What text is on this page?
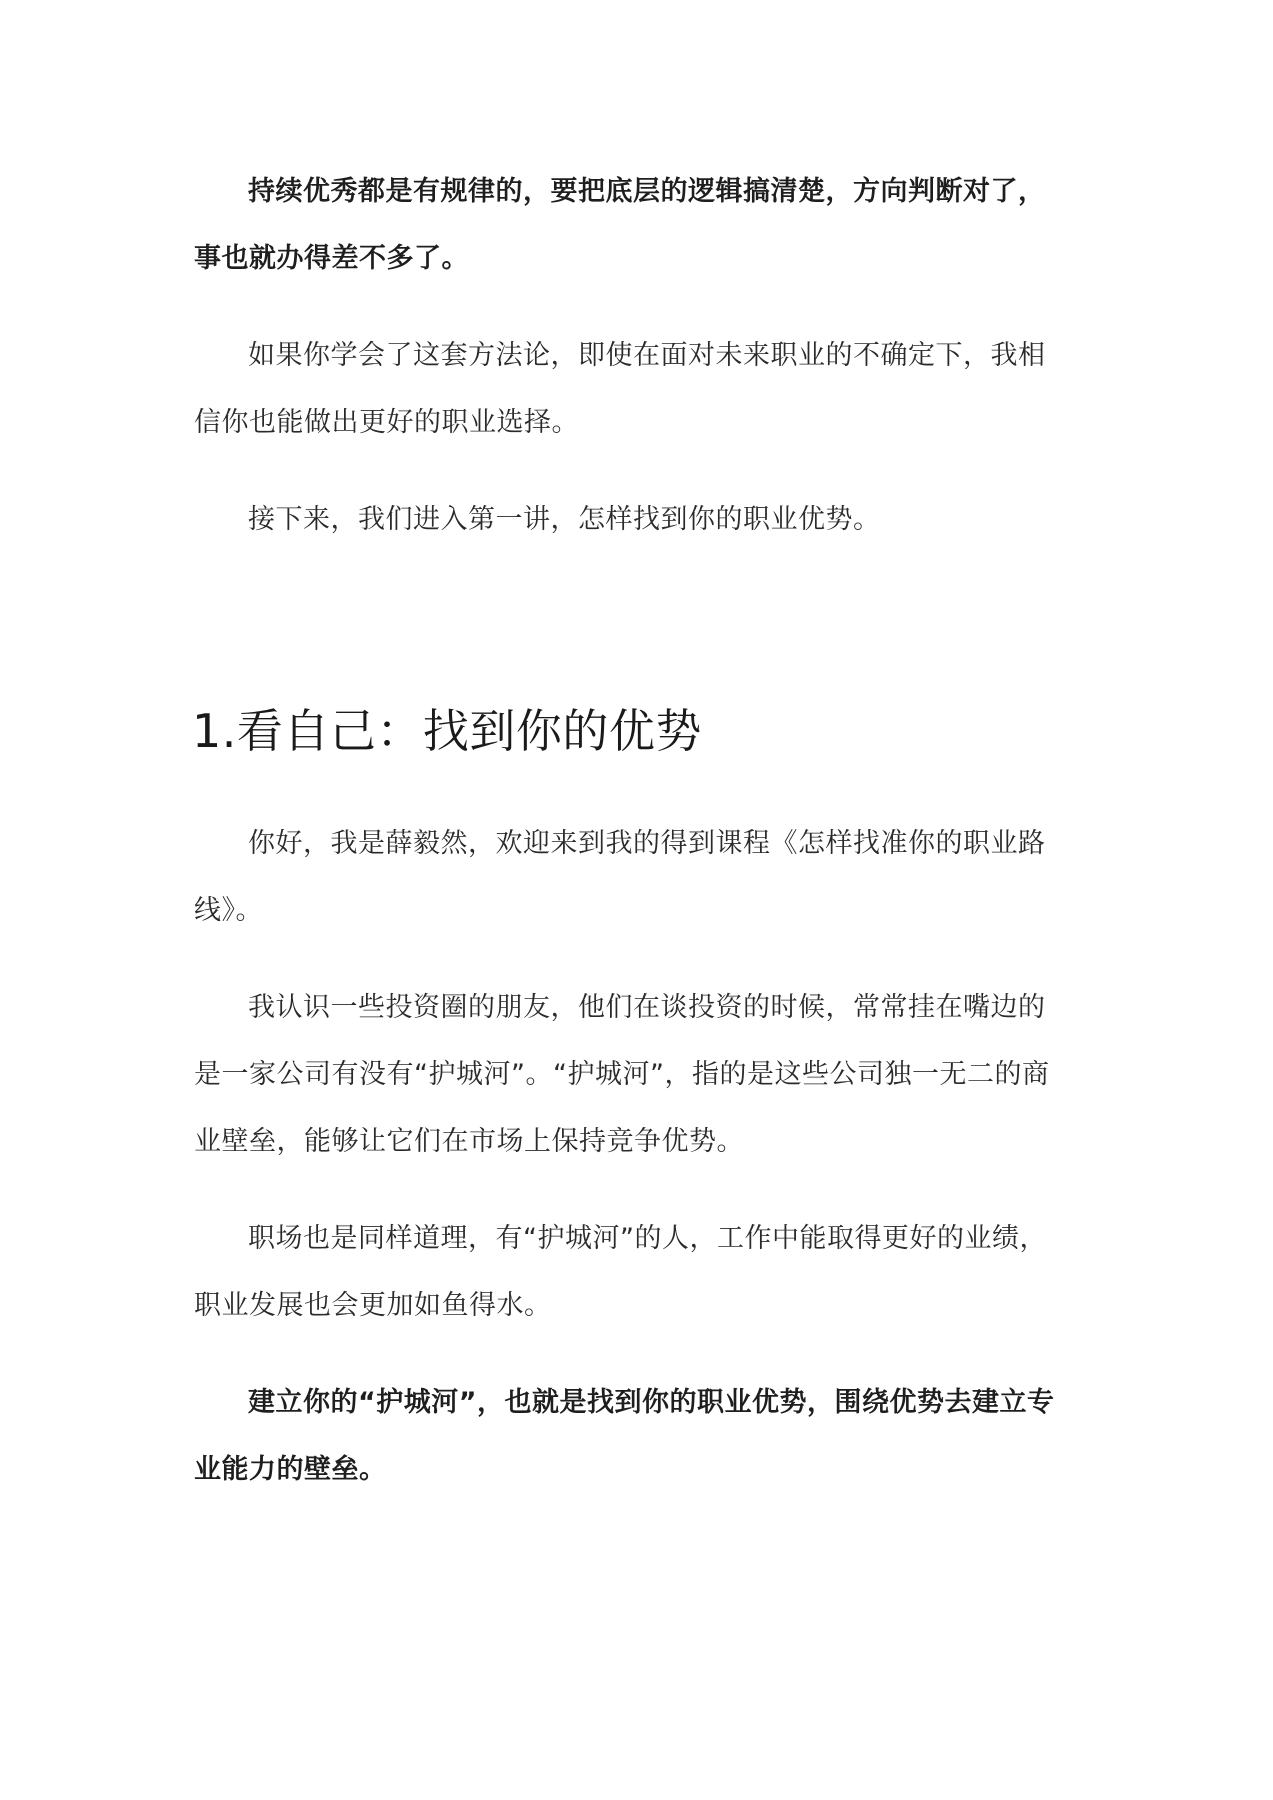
持续优秀都是有规律的，要把底层的逻辑搞清楚，方向判断对了，事也就办得差不多了。

如果你学会了这套方法论，即使在面对未来职业的不确定下，我相信你也能做出更好的职业选择。

接下来，我们进入第一讲，怎样找到你的职业优势。

1.看自己：找到你的优势

你好，我是薛毅然，欢迎来到我的得到课程《怎样找准你的职业路线》。

我认识一些投资圈的朋友，他们在谈投资的时候，常常挂在嘴边的是一家公司有没有“护城河”。“护城河”，指的是这些公司独一无二的商业壁垒，能够让它们在市场上保持竞争优势。

职场也是同样道理，有“护城河”的人，工作中能取得更好的业绩，职业发展也会更加如鱼得水。

建立你的“护城河”，也就是找到你的职业优势，围绕优势去建立专业能力的壁垒。
